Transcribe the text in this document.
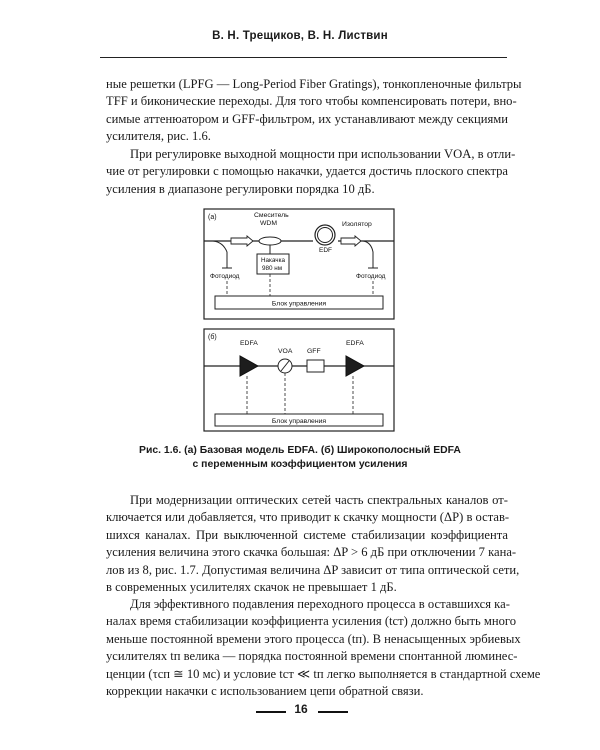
В. Н. Трещиков, В. Н. Листвин
ные решетки (LPFG — Long-Period Fiber Gratings), тонкопленочные фильтры
TFF и биконические переходы. Для того чтобы компенсировать потери, вно-
симые аттенюатором и GFF-фильтром, их устанавливают между секциями
усилителя, рис. 1.6.
При регулировке выходной мощности при использовании VOA, в отли-
чие от регулировки с помощью накачки, удается достичь плоского спектра
усиления в диапазоне регулировки порядка 10 дБ.
(а)
EDF
Смеситель
WDM	Изолятор
Накачка
980 нм
Фотодиод	Фотодиод
Блок управления
(б)
EDFA
VOA GFF
EDFA
Блок управления
Рис. 1.6. (а) Базовая модель EDFA. (б) Широкополосный EDFA
с переменным коэффициентом усиления
При модернизации оптических сетей часть спектральных каналов от-
ключается или добавляется, что приводит к скачку мощности (ΔP) в остав-
шихся каналах. При выключенной системе стабилизации коэффициента
усиления величина этого скачка большая: ΔP > 6 дБ при отключении 7 кана-
лов из 8, рис. 1.7. Допустимая величина ΔP зависит от типа оптической сети,
в современных усилителях скачок не превышает 1 дБ.
Для эффективного подавления переходного процесса в оставшихся ка-
налах время стабилизации коэффициента усиления (tст) должно быть много
меньше постоянной времени этого процесса (tп). В ненасыщенных эрбиевых
усилителях tп велика — порядка постоянной времени спонтанной люминес-
ценции (τсп ≅ 10 мс) и условие tст ≪ tп легко выполняется в стандартной схеме
коррекции накачки с использованием цепи обратной связи.
16
